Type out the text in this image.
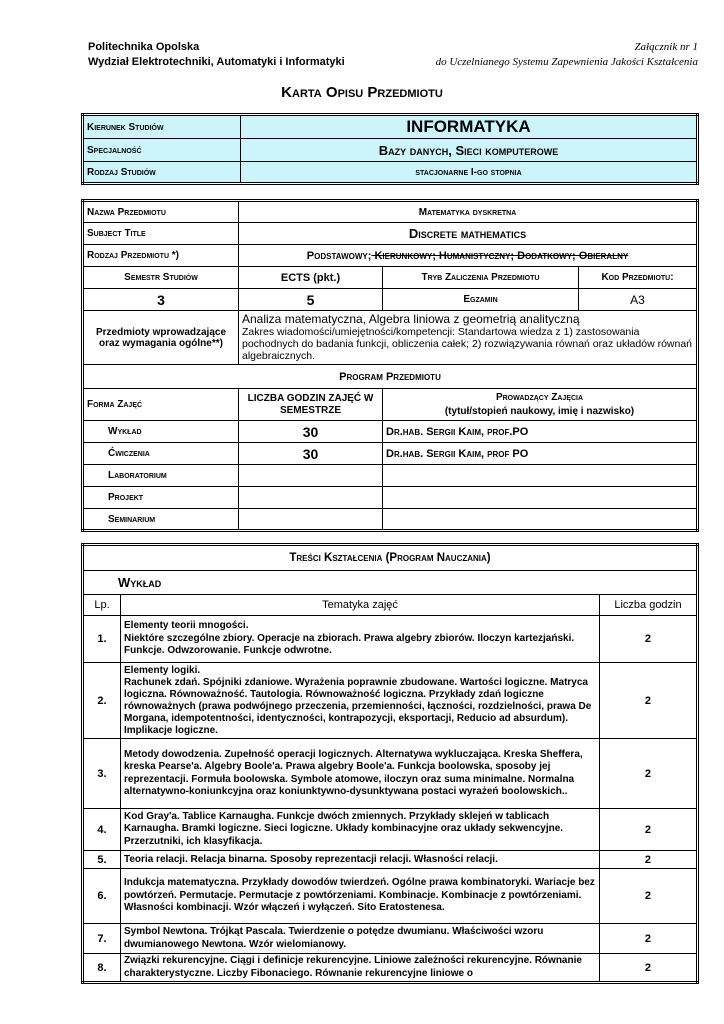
Politechnika Opolska
Wydział Elektrotechniki, Automatyki i Informatyki
Załącznik nr 1
do Uczelnianego Systemu Zapewnienia Jakości Kształcenia
Karta Opisu Przedmiotu
Kierunek Studiów	INFORMATYKA
Specjalność	Bazy danych, Sieci komputerowe
Rodzaj Studiów	stacjonarne I-go stopnia
Nazwa Przedmiotu	Matematyka dyskretna		
Subject Title	Discrete mathematics		
Rodzaj Przedmiotu *)	Podstawowy; Kierunkowy; Humanistyczny; Dodatkowy; Obieralny		
Semestr Studiów	ECTS (pkt.)	Tryb Zaliczenia Przedmiotu	Kod Przedmiotu:
3	5	Egzamin	A3
Przedmioty wprowadzające oraz wymagania ogólne**)	Analiza matematyczna, Algebra liniowa z geometrią analityczną
Zakres wiadomości/umiejętności/kompetencji: Standartowa wiedza z 1) zastosowania pochodnych do badania funkcji, obliczenia całek; 2) rozwiązywania równań oraz układów równań algebraicznych.		

Program Przedmiotu			
Forma Zajęć	LICZBA GODZIN ZAJĘĆ W SEMESTRZE	Prowadzący Zajęcia
(tytuł/stopień naukowy, imię i nazwisko)	

Wykład	30	Dr.hab. Sergii Kaim, prof.PO	
Ćwiczenia	30	Dr.hab. Sergii Kaim, prof PO	
Laboratorium			
Projekt			
Seminarium			
Treści Kształcenia (Program Nauczania)		
Wykład		
Lp.	Tematyka zajęć	Liczba godzin
1.	Elementy teorii mnogości.
Niektóre szczególne zbiory. Operacje na zbiorach. Prawa algebry zbiorów. Iloczyn kartezjański. Funkcje. Odwzorowanie. Funkcje odwrotne.	2
2.	Elementy logiki.
Rachunek zdań. Spójniki zdaniowe. Wyrażenia poprawnie zbudowane. Wartości logiczne. Matryca logiczna. Równoważność. Tautologia. Równoważność logiczna. Przykłady zdań logiczne równoważnych (prawa podwójnego przeczenia, przemienności, łączności, rozdzielności, prawa De Morgana, idempotentności, identyczności, kontrapozycji, eksportacji, Reducio ad absurdum). Implikacje logiczne.	2
3.	Metody dowodzenia. Zupełność operacji logicznych. Alternatywa wykluczająca. Kreska Sheffera, kreska Pearse'a. Algebry Boole'a. Prawa algebry Boole'a. Funkcja boolowska, sposoby jej reprezentacji. Formuła boolowska. Symbole atomowe, iloczyn oraz suma minimalne. Normalna alternatywno-koniunkcyjna oraz koniunktywno-dysunktywana postaci wyrażeń boolowskich..	2
4.	Kod Gray'a. Tablice Karnaugha. Funkcje dwóch zmiennych. Przykłady sklejeń w tablicach Karnaugha. Bramki logiczne. Sieci logiczne. Układy kombinacyjne oraz układy sekwencyjne. Przerzutniki, ich klasyfikacja.	2
5.	Teoria relacji. Relacja binarna. Sposoby reprezentacji relacji. Własności relacji.	2
6.	Indukcja matematyczna. Przykłady dowodów twierdzeń. Ogólne prawa kombinatoryki. Wariacje bez powtórzeń. Permutacje. Permutacje z powtórzeniami. Kombinacje. Kombinacje z powtórzeniami. Własności kombinacji. Wzór włączeń i wyłączeń. Sito Eratostenesa.	2
7.	Symbol Newtona. Trójkąt Pascala. Twierdzenie o potędze dwumianu. Właściwości wzoru dwumianowego Newtona. Wzór wielomianowy.	2
8.	Związki rekurencyjne. Ciągi i definicje rekurencyjne. Liniowe zależności rekurencyjne. Równanie charakterystyczne. Liczby Fibonaciego. Równanie rekurencyjne liniowe o	2
